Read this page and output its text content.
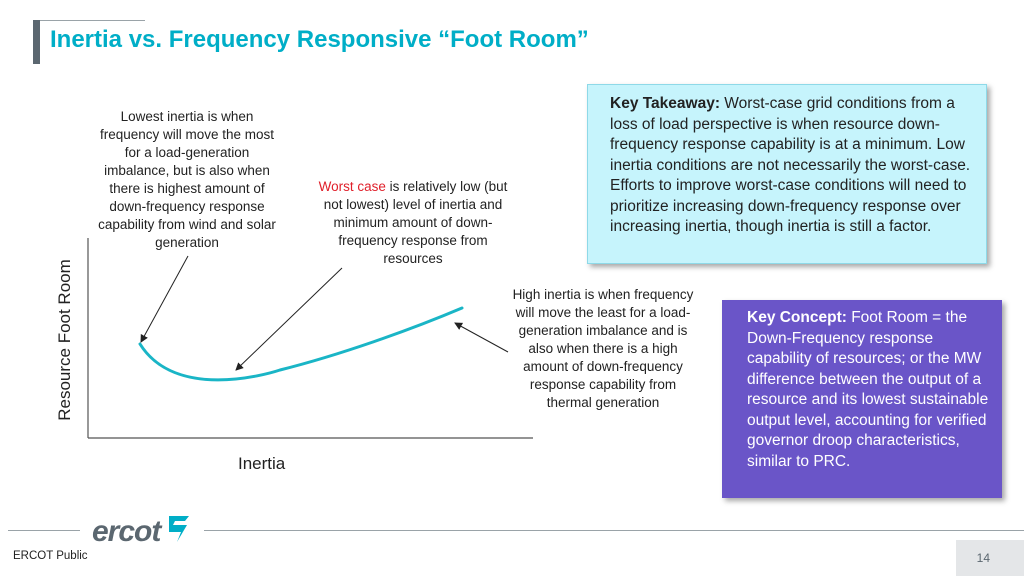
Inertia vs. Frequency Responsive “Foot Room”
Resource Foot Room
Inertia
Lowest inertia is when frequency will move the most for a load-generation imbalance, but is also when there is highest amount of down-frequency response capability from wind and solar generation
Worst case is relatively low (but not lowest) level of inertia and minimum amount of down-frequency response from resources
High inertia is when frequency will move the least for a load-generation imbalance and is also when there is a high amount of down-frequency response capability from thermal generation
Key Takeaway: Worst-case grid conditions from a loss of load perspective is when resource down-frequency response capability is at a minimum. Low inertia conditions are not necessarily the worst-case. Efforts to improve worst-case conditions will need to prioritize increasing down-frequency response over increasing inertia, though inertia is still a factor.
Key Concept: Foot Room = the Down-Frequency response capability of resources; or the MW difference between the output of a resource and its lowest sustainable output level, accounting for verified governor droop characteristics, similar to PRC.
ercot
ERCOT Public	14
